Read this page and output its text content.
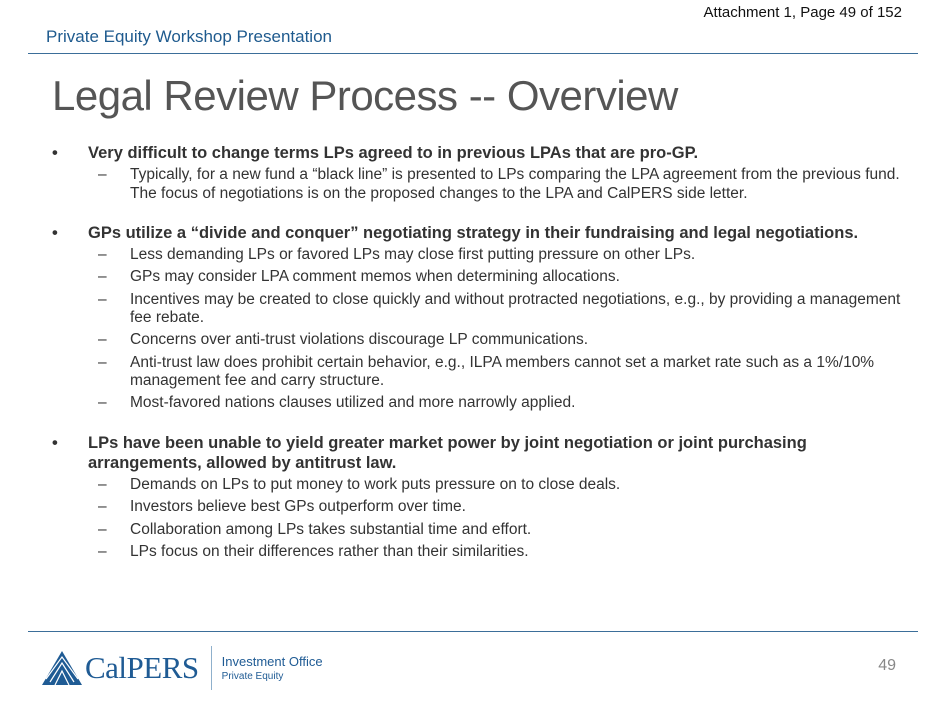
Attachment 1, Page 49 of 152
Private Equity Workshop Presentation
Legal Review Process -- Overview
•	Very difficult to change terms LPs agreed to in previous LPAs that are pro-GP.
–	Typically, for a new fund a “black line” is presented to LPs comparing the LPA agreement from the previous fund. The focus of negotiations is on the proposed changes to the LPA and CalPERS side letter.
•	GPs utilize a “divide and conquer” negotiating strategy in their fundraising and legal negotiations.
–	Less demanding LPs or favored LPs may close first putting pressure on other LPs.
–	GPs may consider LPA comment memos when determining allocations.
–	Incentives may be created to close quickly and without protracted negotiations, e.g., by providing a management fee rebate.
–	Concerns over anti-trust violations discourage LP communications.
–	Anti-trust law does prohibit certain behavior, e.g., ILPA members cannot set a market rate such as a 1%/10% management fee and carry structure.
–	Most-favored nations clauses utilized and more narrowly applied.
•	LPs have been unable to yield greater market power by joint negotiation or joint purchasing arrangements, allowed by antitrust law.
–	Demands on LPs to put money to work puts pressure on to close deals.
–	Investors believe best GPs outperform over time.
–	Collaboration among LPs takes substantial time and effort.
–	LPs focus on their differences rather than their similarities.
CalPERS Investment Office
Private Equity
49
